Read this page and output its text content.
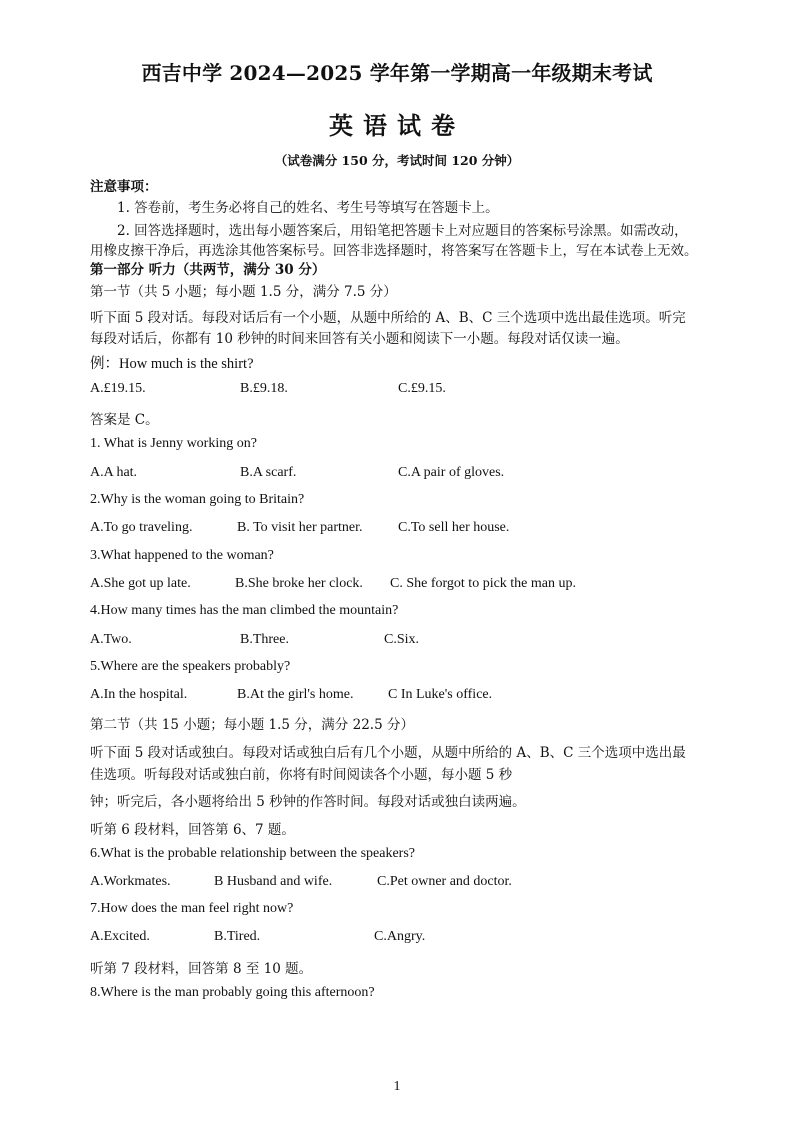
西吉中学 2024—2025 学年第一学期高一年级期末考试
英语试卷
（试卷满分 150 分，考试时间 120 分钟）
注意事项：
1. 答卷前，考生务必将自己的姓名、考生号等填写在答题卡上。
2. 回答选择题时，选出每小题答案后，用铅笔把答题卡上对应题目的答案标号涂黑。如需改动，
用橡皮擦干净后，再选涂其他答案标号。回答非选择题时，将答案写在答题卡上，写在本试卷上无效。
第一部分 听力（共两节，满分 30 分）
第一节（共 5 小题；每小题 1.5 分，满分 7.5 分）
听下面 5 段对话。每段对话后有一个小题，从题中所给的 A、B、C 三个选项中选出最佳选项。听完
每段对话后，你都有 10 秒钟的时间来回答有关小题和阅读下一小题。每段对话仅读一遍。
例：How much is the shirt?
A.£19.15.	B.£9.18.	C.£9.15.
答案是 C。
1. What is Jenny working on?
A.A hat.	B.A scarf.	C.A pair of gloves.
2.Why is the woman going to Britain?
A.To go traveling.	B. To visit her partner.	C.To sell her house.
3.What happened to the woman?
A.She got up late.	B.She broke her clock. C. She forgot to pick the man up.
4.How many times has the man climbed the mountain?
A.Two.	B.Three.	C.Six.
5.Where are the speakers probably?
A.In the hospital.	B.At the girl's home. C In Luke's office.
第二节（共 15 小题；每小题 1.5 分，满分 22.5 分）
听下面 5 段对话或独白。每段对话或独白后有几个小题，从题中所给的 A、B、C 三个选项中选出最
佳选项。听每段对话或独白前，你将有时间阅读各个小题，每小题 5 秒
钟；听完后，各小题将给出 5 秒钟的作答时间。每段对话或独白读两遍。
听第 6 段材料，回答第 6、7 题。
6.What is the probable relationship between the speakers?
A.Workmates.	B Husband and wife.	C.Pet owner and doctor.
7.How does the man feel right now?
A.Excited.	B.Tired.	C.Angry.
听第 7 段材料，回答第 8 至 10 题。
8.Where is the man probably going this afternoon?
1
